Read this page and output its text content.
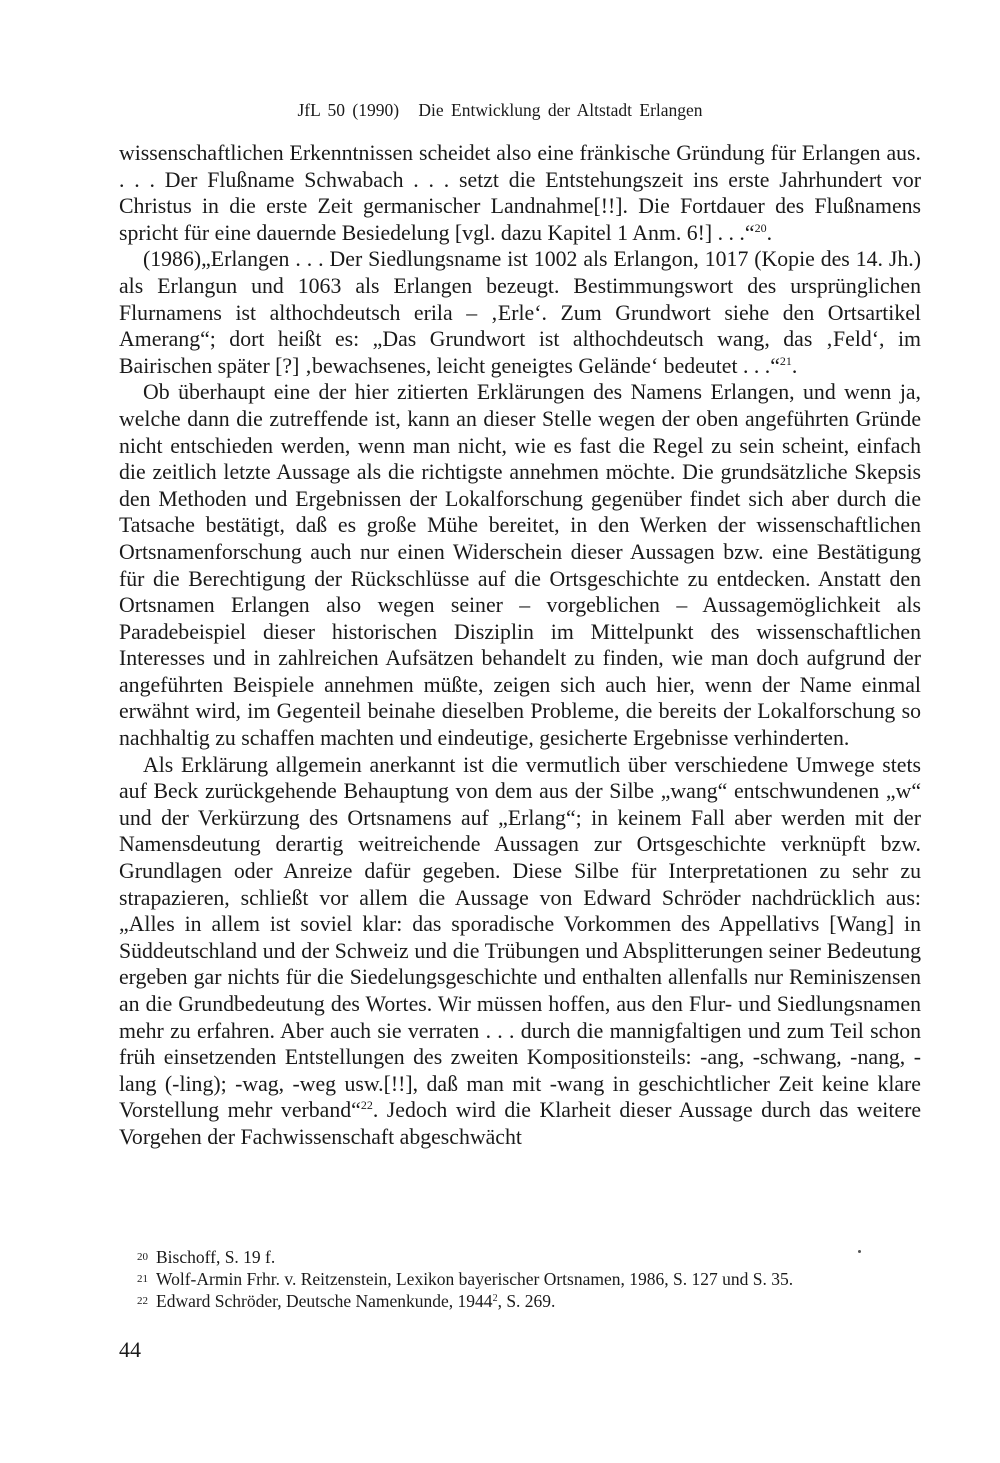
JfL 50 (1990) Die Entwicklung der Altstadt Erlangen

wissenschaftlichen Erkenntnissen scheidet also eine fränkische Gründung für Erlangen aus. . . . Der Flußname Schwabach . . . setzt die Entstehungszeit ins erste Jahrhundert vor Christus in die erste Zeit germanischer Landnahme[!!]. Die Fortdauer des Flußnamens spricht für eine dauernde Besiedelung [vgl. dazu Kapitel 1 Anm. 6!] . . .“$^{20}$.

(1986)„Erlangen . . . Der Siedlungsname ist 1002 als Erlangon, 1017 (Kopie des 14. Jh.) als Erlangun und 1063 als Erlangen bezeugt. Bestimmungswort des ursprünglichen Flurnamens ist althochdeutsch erila – ‚Erle‘. Zum Grundwort siehe den Ortsartikel Amerang“; dort heißt es: „Das Grundwort ist althochdeutsch wang, das ‚Feld‘, im Bairischen später [?] ‚bewachsenes, leicht geneigtes Gelände‘ bedeutet . . .“$^{21}$.

Ob überhaupt eine der hier zitierten Erklärungen des Namens Erlangen, und wenn ja, welche dann die zutreffende ist, kann an dieser Stelle wegen der oben angeführten Gründe nicht entschieden werden, wenn man nicht, wie es fast die Regel zu sein scheint, einfach die zeitlich letzte Aussage als die richtigste annehmen möchte. Die grundsätzliche Skepsis den Methoden und Ergebnissen der Lokalforschung gegenüber findet sich aber durch die Tatsache bestätigt, daß es große Mühe bereitet, in den Werken der wissenschaftlichen Ortsnamenforschung auch nur einen Widerschein dieser Aussagen bzw. eine Bestätigung für die Berechtigung der Rückschlüsse auf die Ortsgeschichte zu entdecken. Anstatt den Ortsnamen Erlangen also wegen seiner – vorgeblichen – Aussagemöglichkeit als Paradebeispiel dieser historischen Disziplin im Mittelpunkt des wissenschaftlichen Interesses und in zahlreichen Aufsätzen behandelt zu finden, wie man doch aufgrund der angeführten Beispiele annehmen müßte, zeigen sich auch hier, wenn der Name einmal erwähnt wird, im Gegenteil beinahe dieselben Probleme, die bereits der Lokalforschung so nachhaltig zu schaffen machten und eindeutige, gesicherte Ergebnisse verhinderten.

Als Erklärung allgemein anerkannt ist die vermutlich über verschiedene Umwege stets auf Beck zurückgehende Behauptung von dem aus der Silbe „wang“ entschwundenen „w“ und der Verkürzung des Ortsnamens auf „Erlang“; in keinem Fall aber werden mit der Namensdeutung derartig weitreichende Aussagen zur Ortsgeschichte verknüpft bzw. Grundlagen oder Anreize dafür gegeben. Diese Silbe für Interpretationen zu sehr zu strapazieren, schließt vor allem die Aussage von Edward Schröder nachdrücklich aus: „Alles in allem ist soviel klar: das sporadische Vorkommen des Appellativs [Wang] in Süddeutschland und der Schweiz und die Trübungen und Absplitterungen seiner Bedeutung ergeben gar nichts für die Siedelungsgeschichte und enthalten allenfalls nur Reminiszensen an die Grundbedeutung des Wortes. Wir müssen hoffen, aus den Flur- und Siedlungsnamen mehr zu erfahren. Aber auch sie verraten . . . durch die mannigfaltigen und zum Teil schon früh einsetzenden Entstellungen des zweiten Kompositionsteils: -ang, -schwang, -nang, -lang (-ling); -wag, -weg usw.[!!], daß man mit -wang in geschichtlicher Zeit keine klare Vorstellung mehr verband“$^{22}$. Jedoch wird die Klarheit dieser Aussage durch das weitere Vorgehen der Fachwissenschaft abgeschwächt

20 Bischoff, S. 19 f.
21 Wolf-Armin Frhr. v. Reitzenstein, Lexikon bayerischer Ortsnamen, 1986, S. 127 und S. 35.
22 Edward Schröder, Deutsche Namenkunde, 1944$^2$, S. 269.
44
